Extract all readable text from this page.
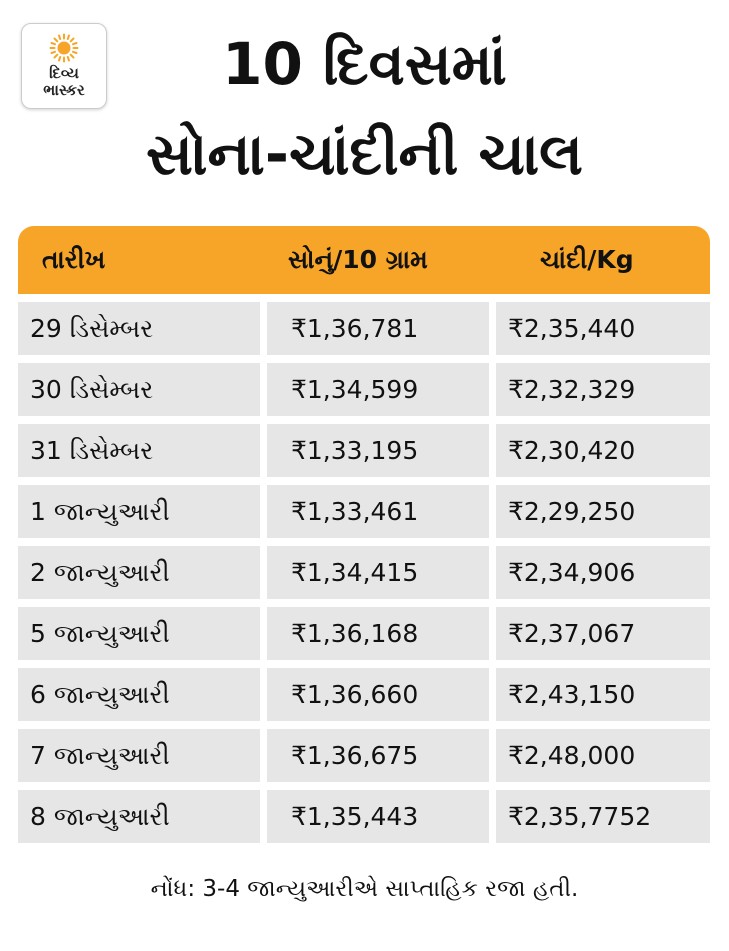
દિવ્ય
ભાસ્કર	10 દિવસમાં
સોના-ચાંદીની ચાલ
તારીખ	સોનું/10 ગ્રામ	ચાંદી/Kg
29 ડિસેમ્બર	₹1,36,781	₹2,35,440
30 ડિસેમ્બર	₹1,34,599	₹2,32,329
31 ડિસેમ્બર	₹1,33,195	₹2,30,420
1 જાન્યુઆરી	₹1,33,461	₹2,29,250
2 જાન્યુઆરી	₹1,34,415	₹2,34,906
5 જાન્યુઆરી	₹1,36,168	₹2,37,067
6 જાન્યુઆરી	₹1,36,660	₹2,43,150
7 જાન્યુઆરી	₹1,36,675	₹2,48,000
8 જાન્યુઆરી	₹1,35,443	₹2,35,7752
નોંધ: 3-4 જાન્યુઆરીએ સાપ્તાહિક રજા હતી.
